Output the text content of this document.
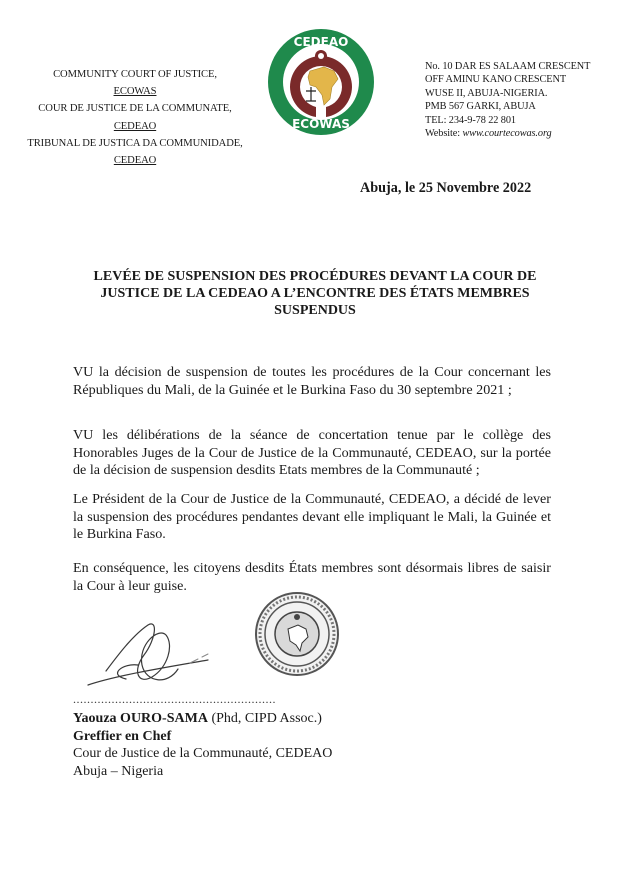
COMMUNITY COURT OF JUSTICE,
ECOWAS
COUR DE JUSTICE DE LA COMMUNATE,
CEDEAO
TRIBUNAL DE JUSTICA DA COMMUNIDADE,
CEDEAO
CEDEAO
ECOWAS
No. 10 DAR ES SALAAM CRESCENT
OFF AMINU KANO CRESCENT
WUSE II, ABUJA-NIGERIA.
PMB 567 GARKI, ABUJA
TEL: 234-9-78 22 801
Website: www.courtecowas.org
Abuja, le 25 Novembre 2022
LEVÉE DE SUSPENSION DES PROCÉDURES DEVANT LA COUR DE
JUSTICE DE LA CEDEAO A L’ENCONTRE DES ÉTATS MEMBRES
SUSPENDUS

VU la décision de suspension de toutes les procédures de la Cour concernant les Républiques du Mali, de la Guinée et le Burkina Faso du 30 septembre 2021 ;

VU les délibérations de la séance de concertation tenue par le collège des Honorables Juges de la Cour de Justice de la Communauté, CEDEAO, sur la portée de la décision de suspension desdits Etats membres de la Communauté ;

Le Président de la Cour de Justice de la Communauté, CEDEAO, a décidé de lever la suspension des procédures pendantes devant elle impliquant le Mali, la Guinée et le Burkina Faso.

En conséquence, les citoyens desdits États membres sont désormais libres de saisir la Cour à leur guise.

..........................................................
Yaouza OURO-SAMA (Phd, CIPD Assoc.)
Greffier en Chef
Cour de Justice de la Communauté, CEDEAO
Abuja – Nigeria
